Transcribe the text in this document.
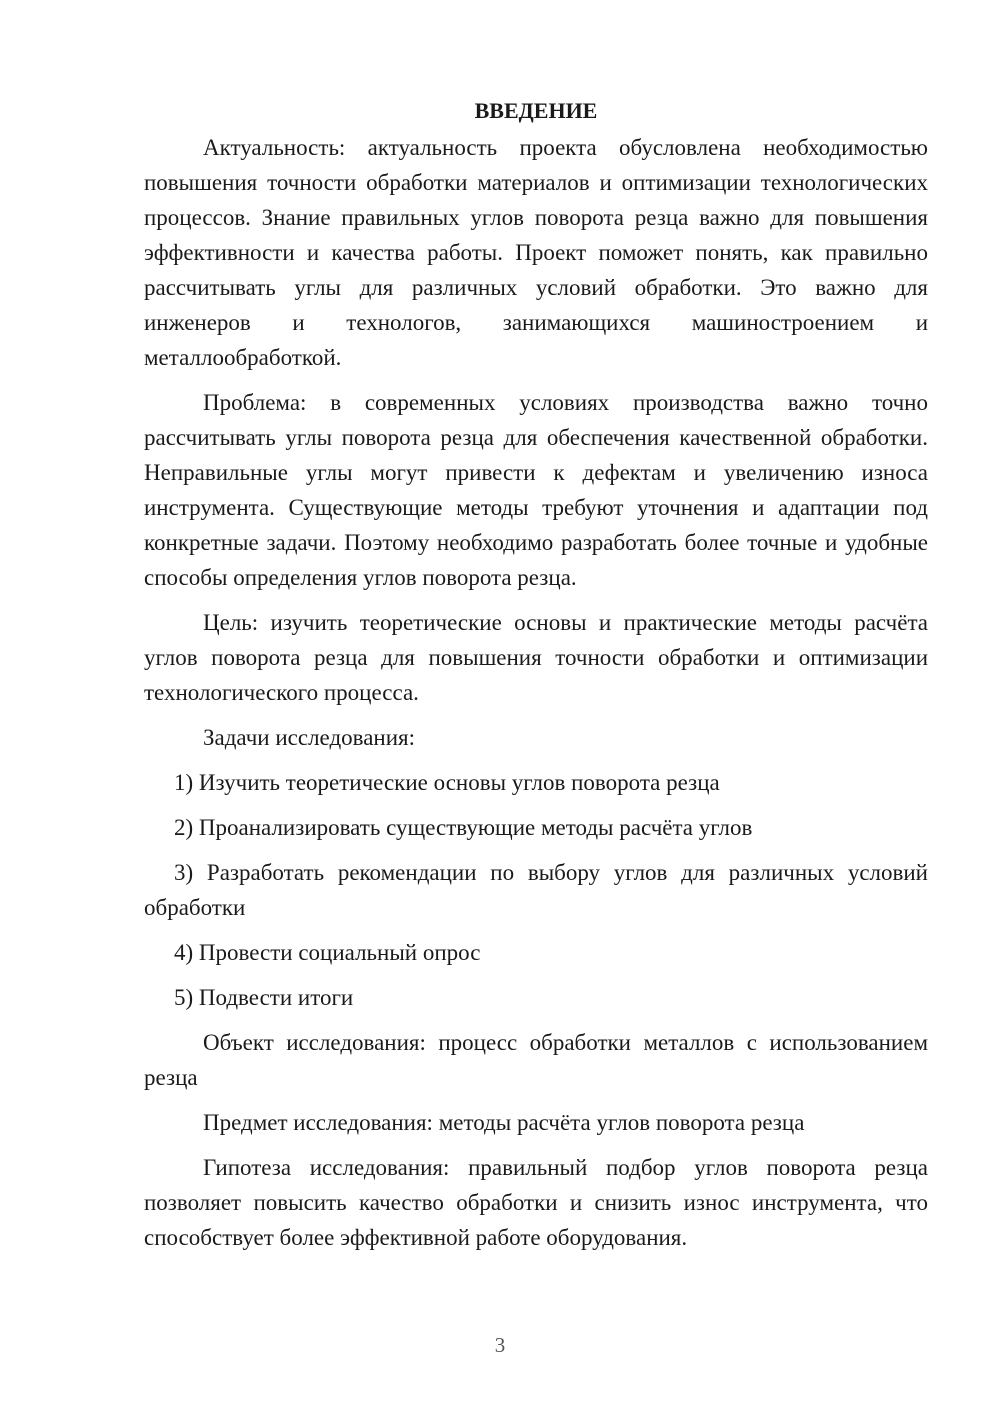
ВВЕДЕНИЕ

Актуальность: актуальность проекта обусловлена необходимостью повышения точности обработки материалов и оптимизации технологических процессов. Знание правильных углов поворота резца важно для повышения эффективности и качества работы. Проект поможет понять, как правильно рассчитывать углы для различных условий обработки. Это важно для инженеров и технологов, занимающихся машиностроением и металлообработкой.

Проблема: в современных условиях производства важно точно рассчитывать углы поворота резца для обеспечения качественной обработки. Неправильные углы могут привести к дефектам и увеличению износа инструмента. Существующие методы требуют уточнения и адаптации под конкретные задачи. Поэтому необходимо разработать более точные и удобные способы определения углов поворота резца.

Цель: изучить теоретические основы и практические методы расчёта углов поворота резца для повышения точности обработки и оптимизации технологического процесса.

Задачи исследования:

1) Изучить теоретические основы углов поворота резца

2) Проанализировать существующие методы расчёта углов

3) Разработать рекомендации по выбору углов для различных условий обработки

4) Провести социальный опрос

5) Подвести итоги

Объект исследования: процесс обработки металлов с использованием резца

Предмет исследования: методы расчёта углов поворота резца

Гипотеза исследования: правильный подбор углов поворота резца позволяет повысить качество обработки и снизить износ инструмента, что способствует более эффективной работе оборудования.

3
